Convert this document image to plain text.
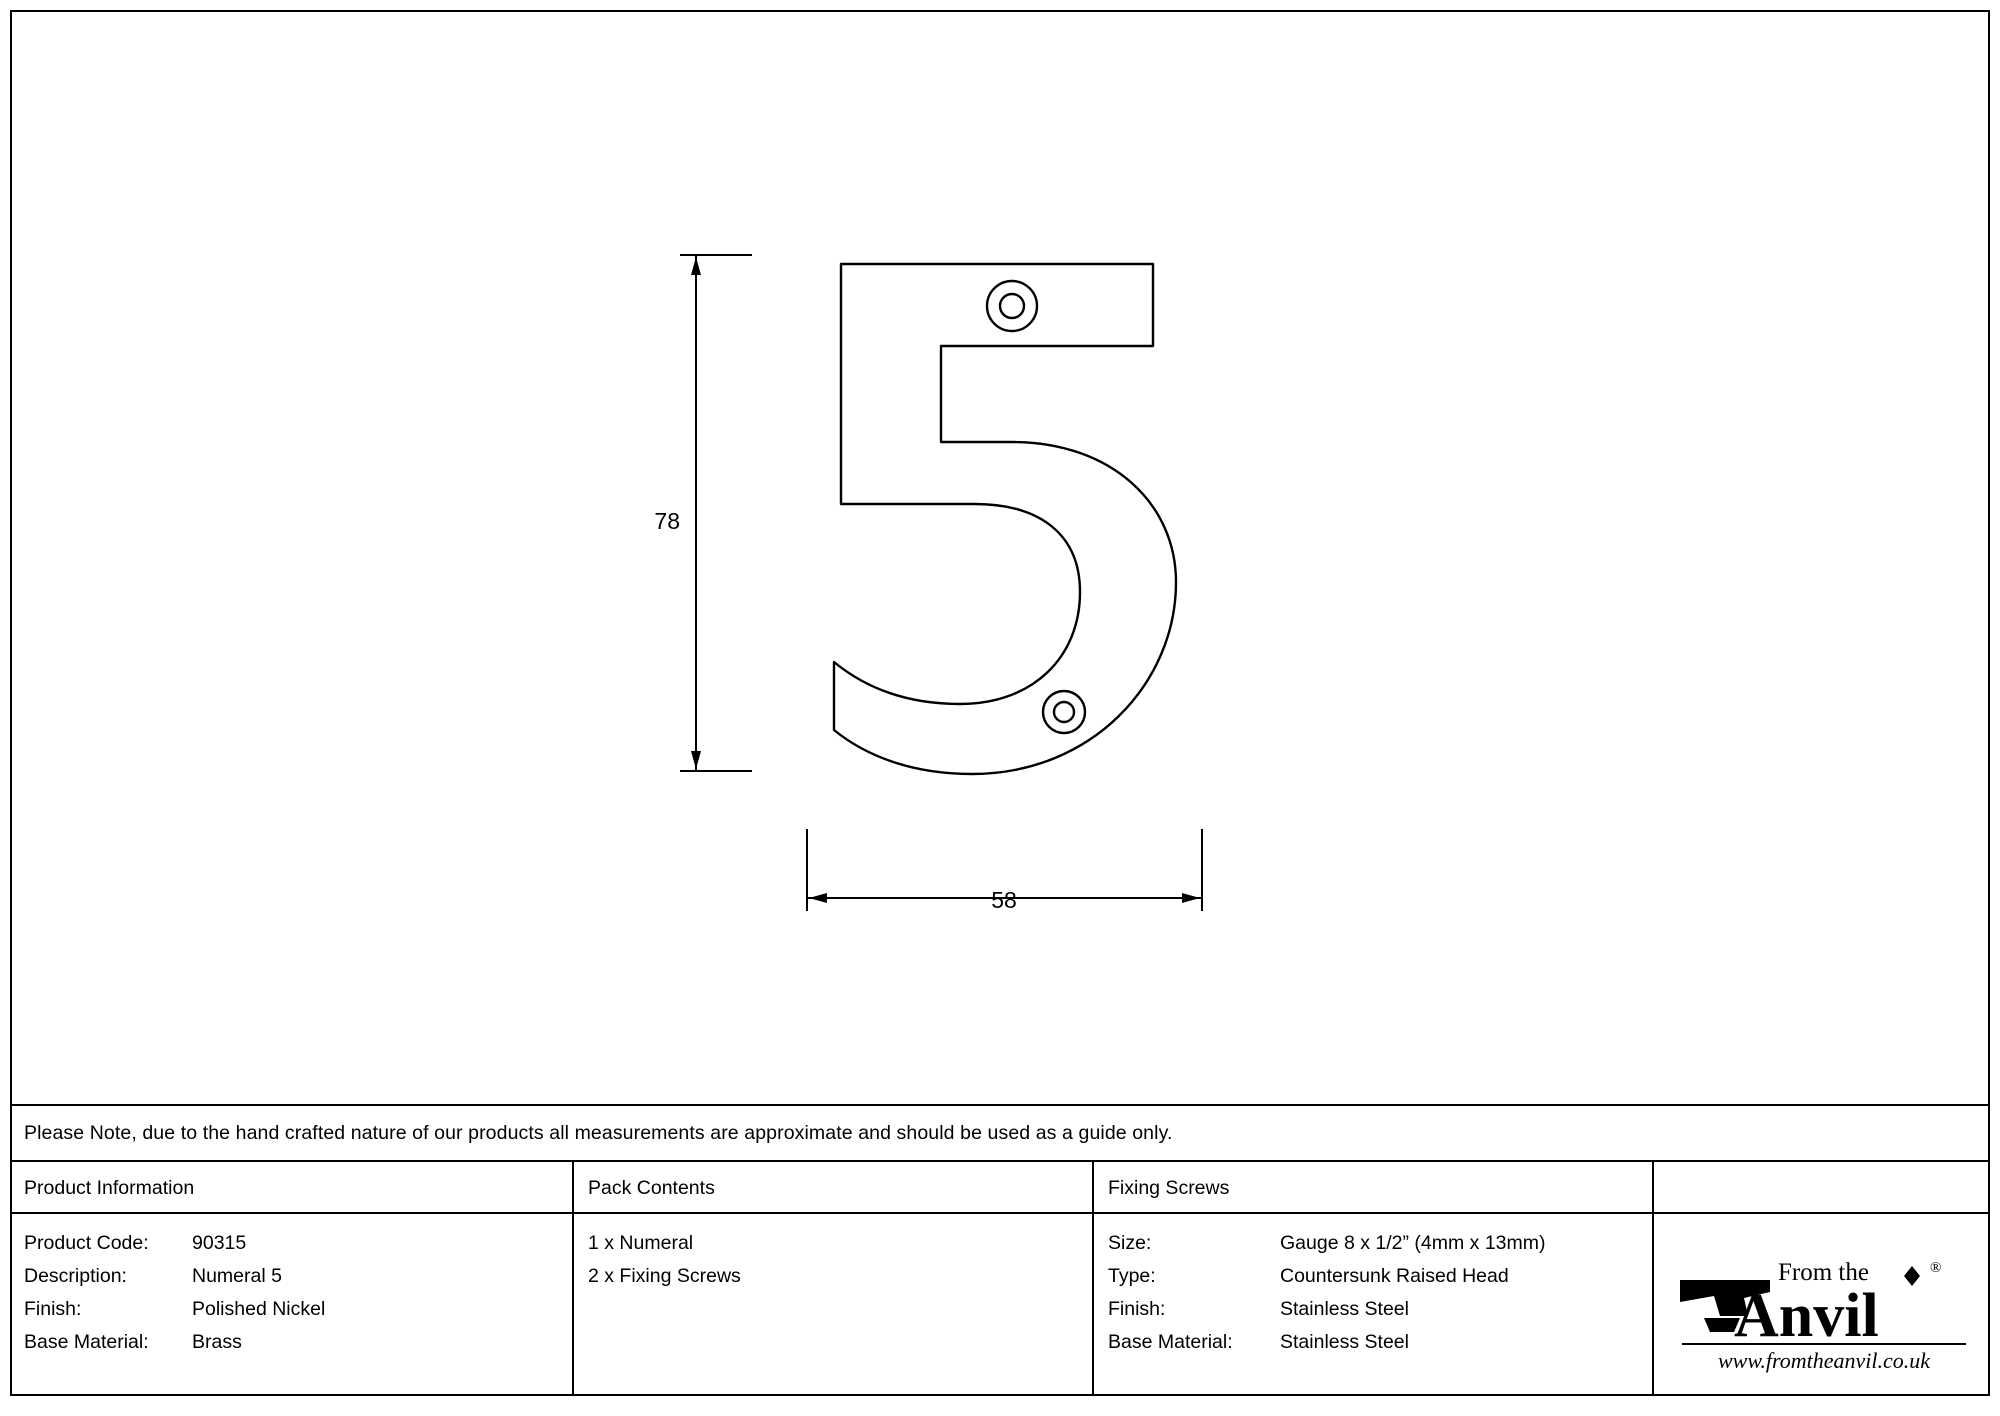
78
58
Please Note, due to the hand crafted nature of our products all measurements are approximate and should be used as a guide only.
Product Information	Pack Contents	Fixing Screws
Product Code:	90315
Description:	Numeral 5
Finish:	Polished Nickel
Base Material:	Brass
1 x Numeral
2 x Fixing Screws
Size:	Gauge 8 x 1/2” (4mm x 13mm)
Type:	Countersunk Raised Head
Finish:	Stainless Steel
Base Material:	Stainless Steel
From the	®
Anvil
www.fromtheanvil.co.uk
